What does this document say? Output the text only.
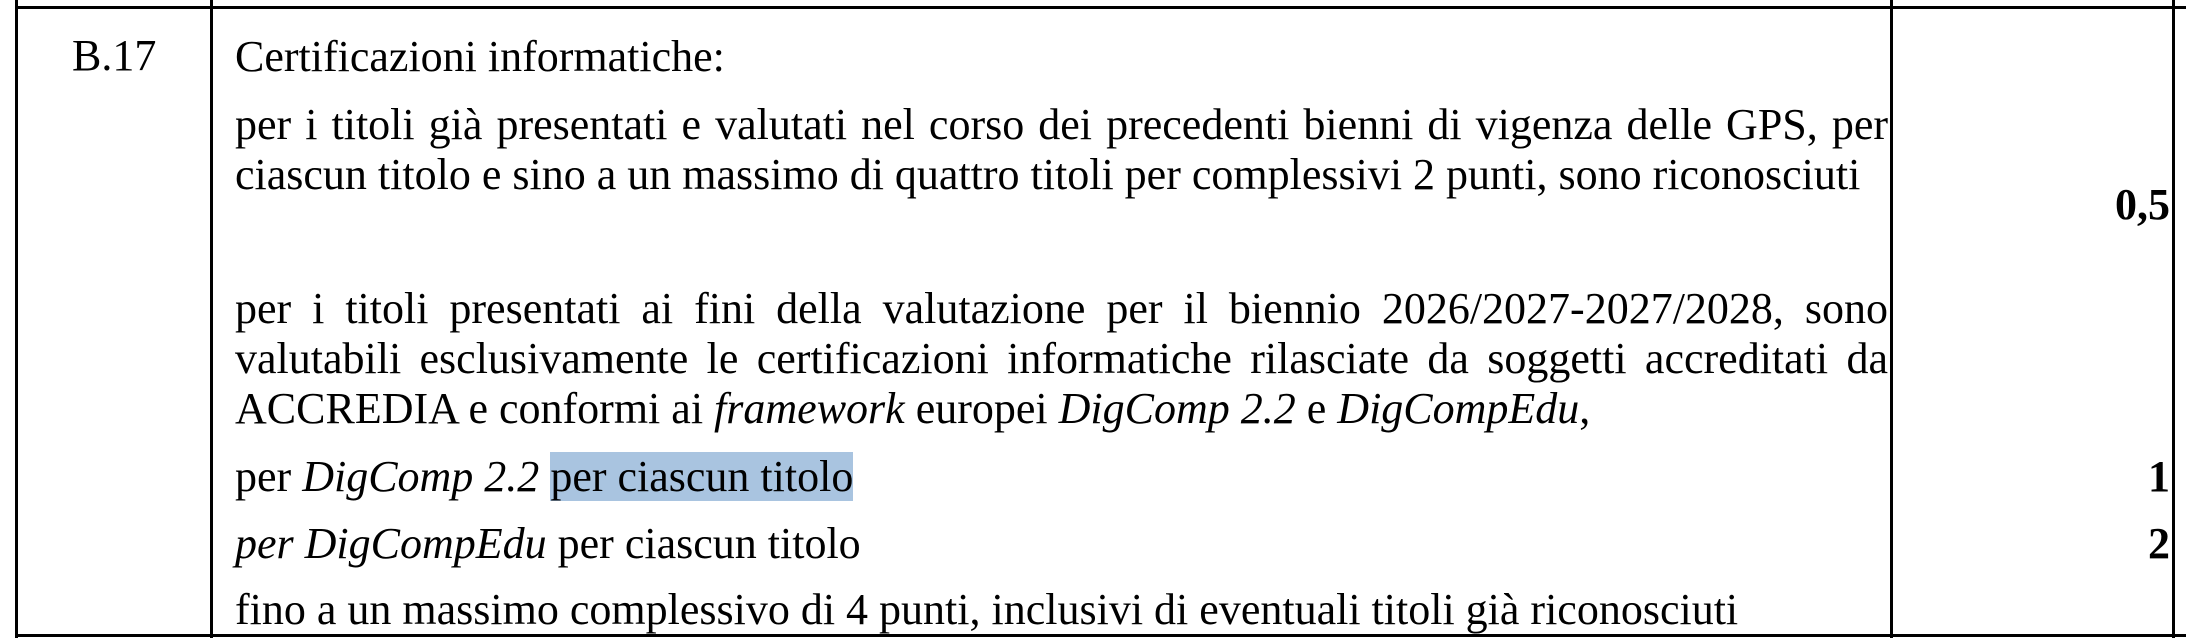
B.17 Certificazioni informatiche:
per i titoli già presentati e valutati nel corso dei precedenti bienni di vigenza delle GPS, per
ciascun titolo e sino a un massimo di quattro titoli per complessivi 2 punti, sono riconosciuti
per i titoli presentati ai fini della valutazione per il biennio 2026/2027-2027/2028, sono
valutabili esclusivamente le certificazioni informatiche rilasciate da soggetti accreditati da
ACCREDIA e conformi ai framework europei DigComp 2.2 e DigCompEdu,
per DigComp 2.2 per ciascun titolo
per DigCompEdu per ciascun titolo
fino a un massimo complessivo di 4 punti, inclusivi di eventuali titoli già riconosciuti
0,5
1
2
